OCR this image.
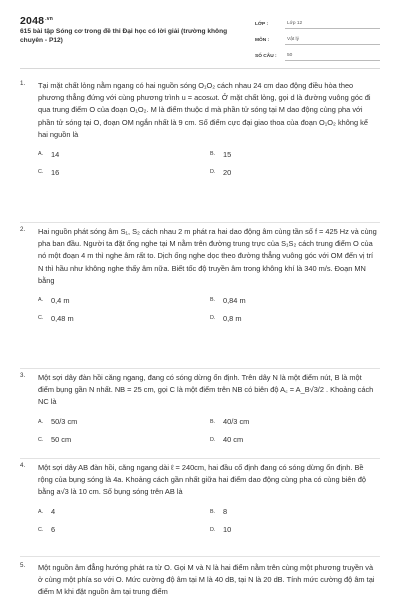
$2048^{.vn}$
615 bài tập Sóng cơ trong đề thi Đại học có lời giải (trường không chuyên - P12)
LỚP :	Lớp 12
MÔN :	Vật lý
SỐ CÂU :	50
1. Tại mặt chất lỏng nằm ngang có hai nguồn sóng O₁O₂ cách nhau 24 cm dao động điều hòa theo phương thẳng đứng với cùng phương trình u = acosωt. Ở mặt chất lỏng, gọi d là đường vuông góc đi qua trung điểm O của đoạn O₁O₂. M là điểm thuộc d mà phần tử sóng tại M dao động cùng pha với phần tử sóng tại O, đoạn OM ngắn nhất là 9 cm. Số điểm cực đại giao thoa của đoạn O₁O₂ không kể hai nguồn là
A.	14	B.	15
C.	16	D.	20
2. Hai nguồn phát sóng âm S₁, S₂ cách nhau 2 m phát ra hai dao động âm cùng tần số f = 425 Hz và cùng pha ban đầu. Người ta đặt ống nghe tại M nằm trên đường trung trực của S₁S₂ cách trung điểm O của nó một đoạn 4 m thì nghe âm rất to. Dịch ống nghe dọc theo đường thẳng vuông góc với OM đến vị trí N thì hầu như không nghe thấy âm nữa. Biết tốc độ truyền âm trong không khí là 340 m/s. Đoạn MN bằng
A.	0,4 m	B.	0,84 m
C.	0,48 m	D.	0,8 m
3. Một sợi dây đàn hồi căng ngang, đang có sóng dừng ổn định. Trên dây N là một điểm nút, B là một điểm bụng gần N nhất. NB = 25 cm, gọi C là một điểm trên NB có biên độ A꜀ = A_B√3/2 . Khoảng cách NC là
A.	50/3 cm	B.	40/3 cm
C.	50 cm	D.	40 cm
4. Một sợi dây AB đàn hồi, căng ngang dài ℓ = 240cm, hai đầu cố định đang có sóng dừng ổn định. Bề rộng của bụng sóng là 4a. Khoảng cách gần nhất giữa hai điểm dao động cùng pha có cùng biên độ bằng a√3 là 10 cm. Số bụng sóng trên AB là
A.	4	B.	8
C.	6	D.	10
5. Một nguồn âm đẳng hướng phát ra từ O. Gọi M và N là hai điểm nằm trên cùng một phương truyền và ở cùng một phía so với O. Mức cường độ âm tại M là 40 dB, tại N là 20 dB. Tính mức cường độ âm tại điểm M khi đặt nguồn âm tại trung điểm
